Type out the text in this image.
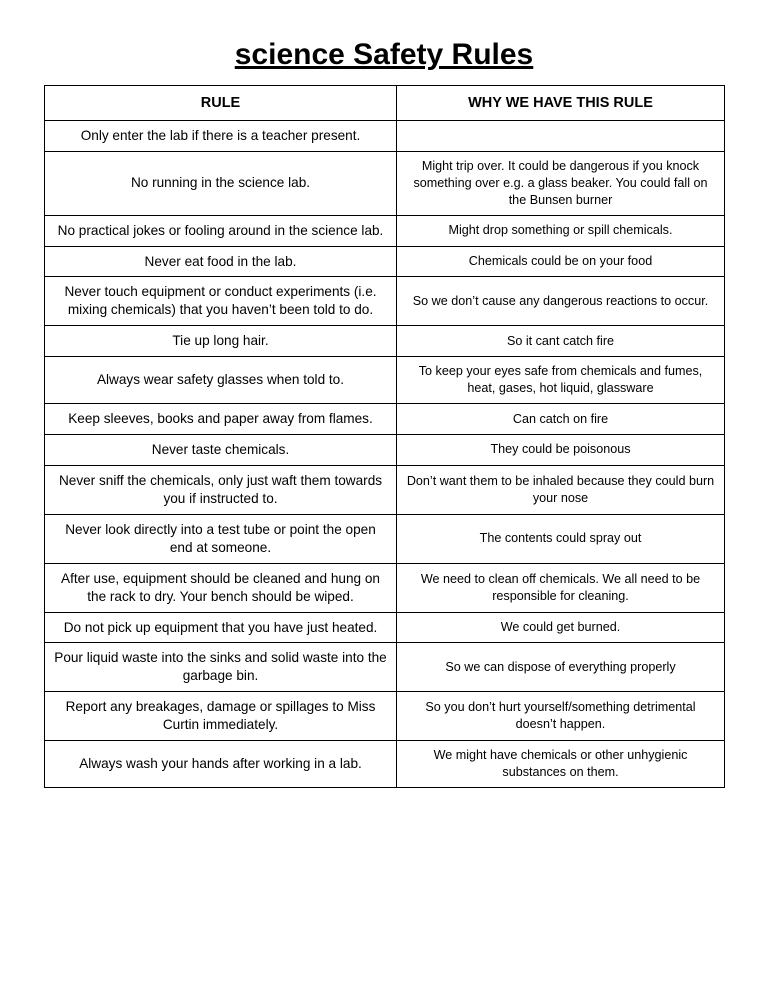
science Safety Rules
RULE	WHY WE HAVE THIS RULE
Only enter the lab if there is a teacher present.	
No running in the science lab.	Might trip over. It could be dangerous if you knock something over e.g. a glass beaker. You could fall on the Bunsen burner
No practical jokes or fooling around in the science lab.	Might drop something or spill chemicals.
Never eat food in the lab.	Chemicals could be on your food
Never touch equipment or conduct experiments (i.e. mixing chemicals) that you haven’t been told to do.	So we don’t cause any dangerous reactions to occur.
Tie up long hair.	So it cant catch fire
Always wear safety glasses when told to.	To keep your eyes safe from chemicals and fumes, heat, gases, hot liquid, glassware
Keep sleeves, books and paper away from flames.	Can catch on fire
Never taste chemicals.	They could be poisonous
Never sniff the chemicals, only just waft them towards you if instructed to.	Don’t want them to be inhaled because they could burn your nose
Never look directly into a test tube or point the open end at someone.	The contents could spray out
After use, equipment should be cleaned and hung on the rack to dry. Your bench should be wiped.	We need to clean off chemicals. We all need to be responsible for cleaning.
Do not pick up equipment that you have just heated.	We could get burned.
Pour liquid waste into the sinks and solid waste into the garbage bin.	So we can dispose of everything properly
Report any breakages, damage or spillages to Miss Curtin immediately.	So you don’t hurt yourself/something detrimental doesn’t happen.
Always wash your hands after working in a lab.	We might have chemicals or other unhygienic substances on them.
